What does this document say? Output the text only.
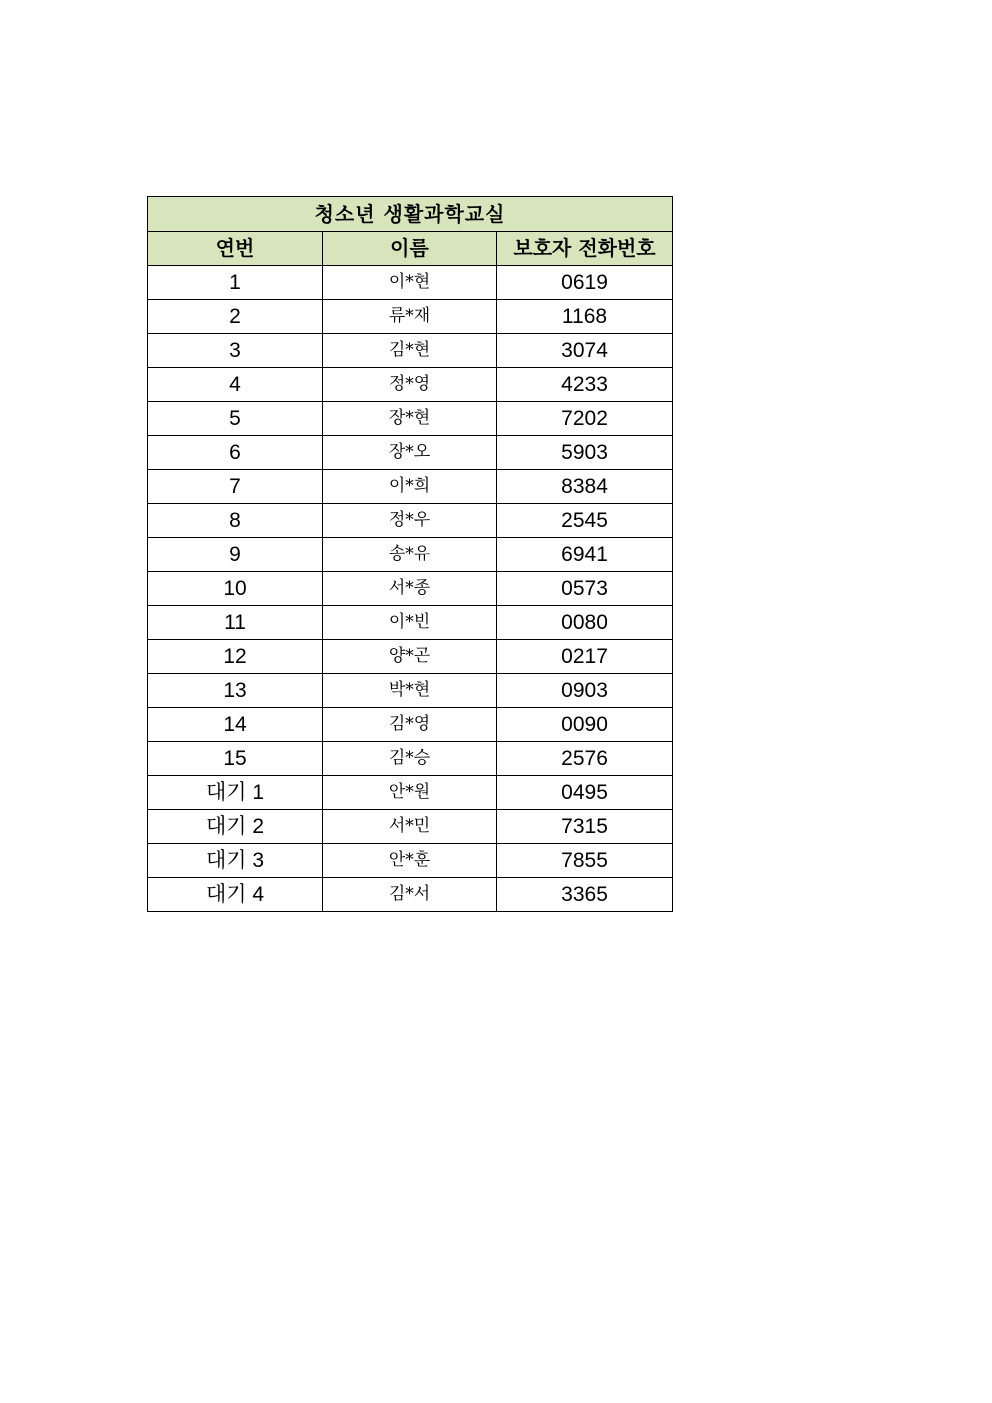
청소년 생활과학교실		
연번	이름	보호자 전화번호
1	이*현	0619
2	류*재	1168
3	김*현	3074
4	정*영	4233
5	장*현	7202
6	장*오	5903
7	이*희	8384
8	정*우	2545
9	송*유	6941
10	서*종	0573
11	이*빈	0080
12	양*곤	0217
13	박*현	0903
14	김*영	0090
15	김*승	2576
대기 1	안*원	0495
대기 2	서*민	7315
대기 3	안*훈	7855
대기 4	김*서	3365
